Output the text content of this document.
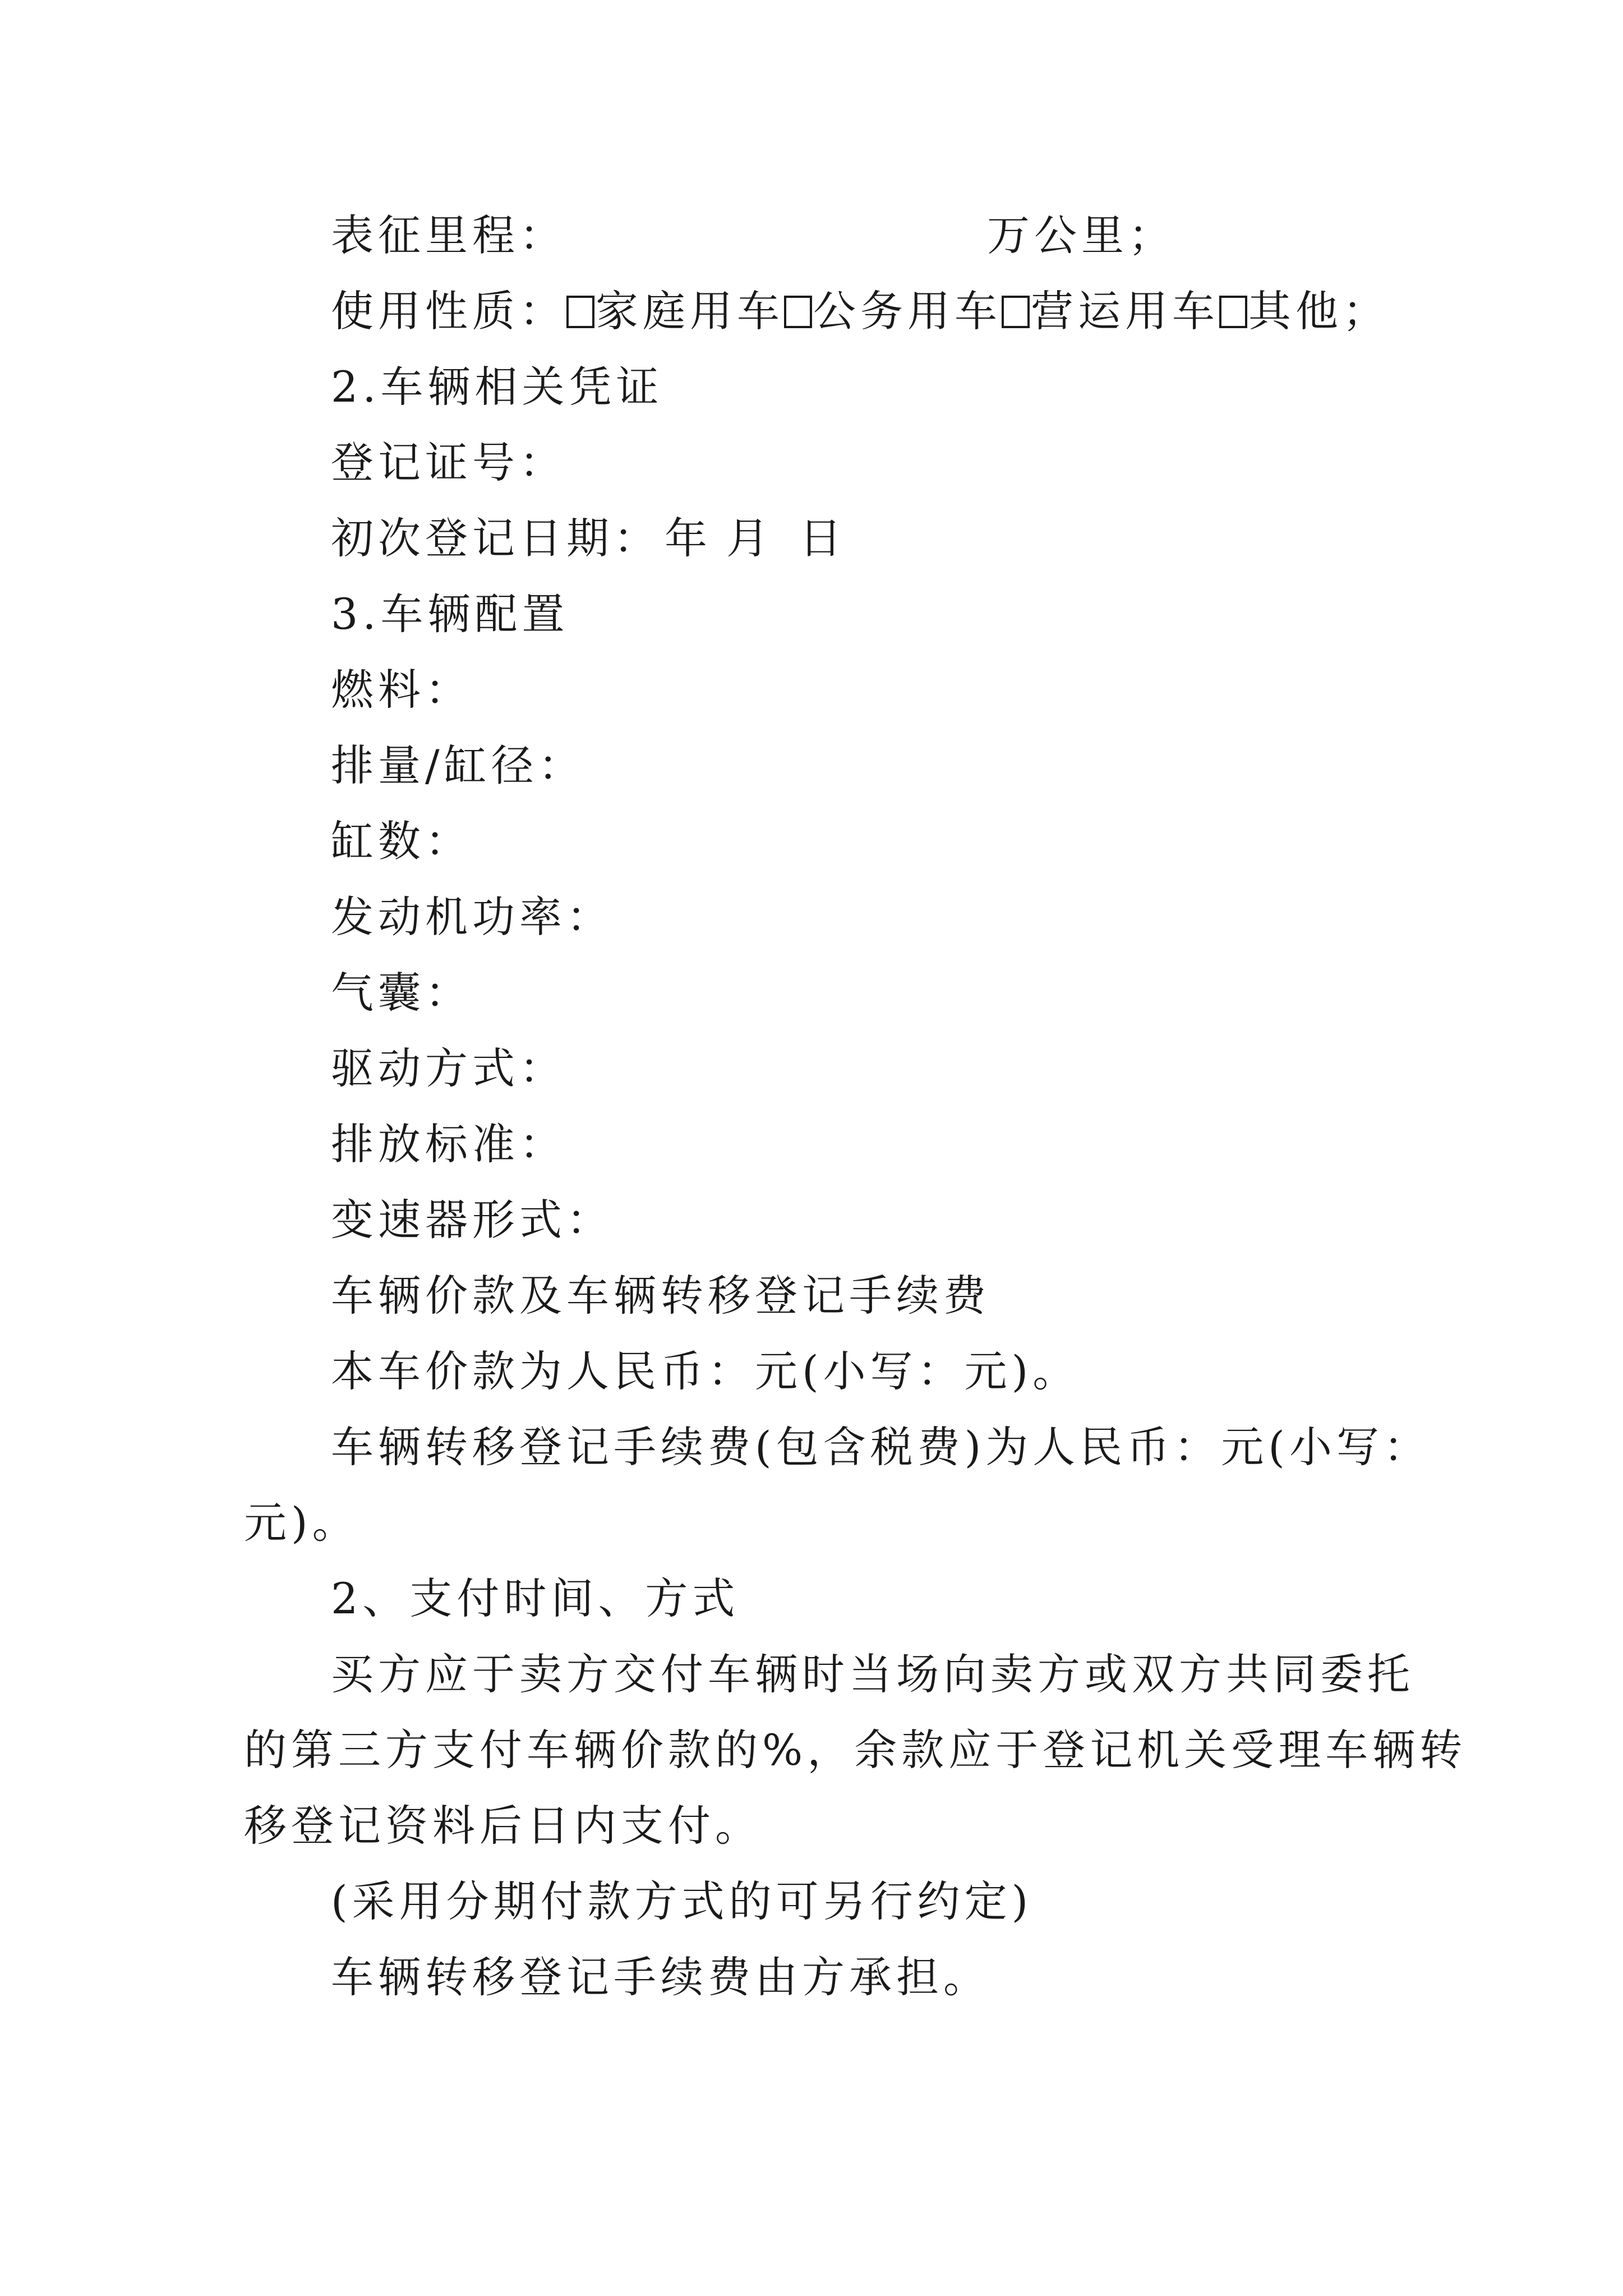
表征里程：	万公里；
使用性质： 家庭用车 公务用车 营运用车 其他；
2.车辆相关凭证
登记证号：
初次登记日期： 年 月 日
3.车辆配置
燃料：
排量/缸径：
缸数：
发动机功率：
气囊：
驱动方式：
排放标准：
变速器形式：
车辆价款及车辆转移登记手续费
本车价款为人民币：元(小写：元)。
车辆转移登记手续费(包含税费)为人民币：元(小写：
元)。
2、支付时间、方式
买方应于卖方交付车辆时当场向卖方或双方共同委托
的第三方支付车辆价款的%，余款应于登记机关受理车辆转
移登记资料后日内支付。
(采用分期付款方式的可另行约定)
车辆转移登记手续费由方承担。
